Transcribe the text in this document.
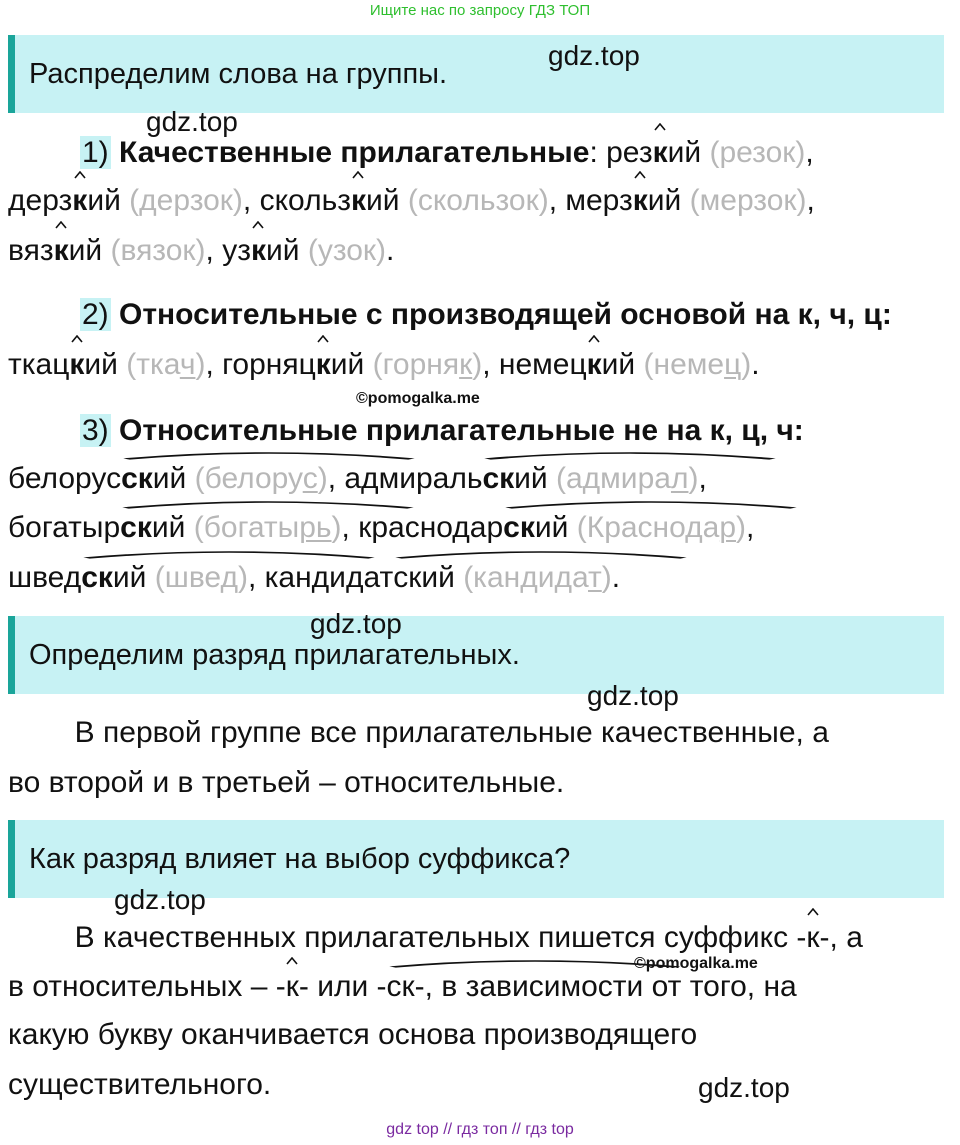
Ищите нас по запросу ГДЗ ТОП
Распределим слова на группы.
1) Качественные прилагательные: рез
кий (резок),
дерз
кий (дерзок), скольз
кий (скользок), мерз
кий (мерзок),
вяз
кий (вязок), уз
кий (узок).
2) Относительные с производящей основой на к, ч, ц:
ткац
кий (ткач), горняц
кий (горняк), немец
кий (немец).
3) Относительные прилагательные не на к, ц, ч:
белорус
ский (белорус), адмираль
ский (адмирал),
богатыр
ский (богатырь), краснодар
ский (Краснодар),
швед
ский (швед), кандидат
ский (кандидат).
Определим разряд прилагательных.
В первой группе все прилагательные качественные, а
во второй и в третьей – относительные.
Как разряд влияет на выбор суффикса?
В качественных прилагательных пишется суффикс -
к-, а
в относительных – -
к- или -
ск-, в зависимости от того, на
какую букву оканчивается основа производящего
существительного.
gdz.top
gdz.top
©pomogalka.me
gdz.top
gdz.top
gdz.top
©pomogalka.me
gdz.top
gdz top // гдз топ // гдз top
